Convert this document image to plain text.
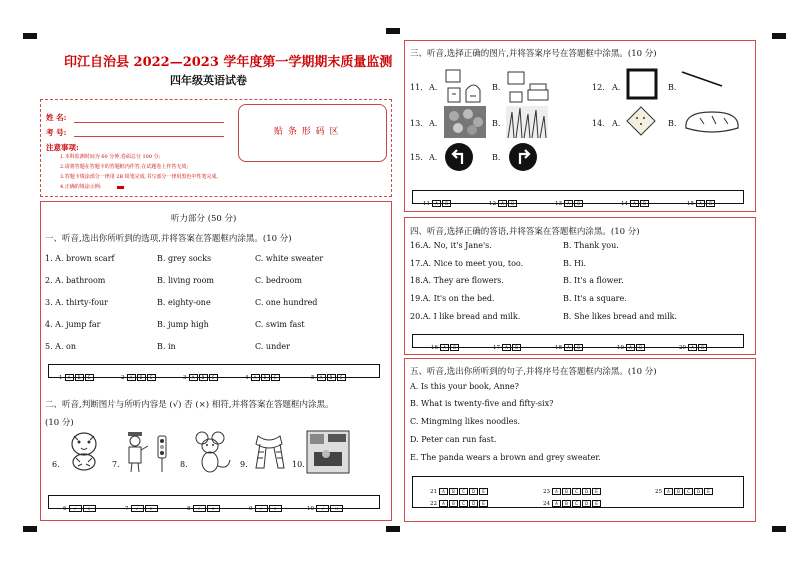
印江自治县 2022—2023 学年度第一学期期末质量监测
四年级英语试卷
姓 名:
考 号:	贴 条 形 码 区
注意事项:
1.本科监测时间为 60 分钟,卷面总分 100 分;
2.请将答题在答题卡的答题框内作答,在试题卷上作答无效;
3.答题卡填涂部分一律用 2B 铅笔完成,书写部分一律用黑色中性笔完成。
4.正确的填涂示例:
听力部分 (50 分)
一、听音,选出你所听到的选项,并将答案在答题框内涂黑。(10 分)
1. A. brown scarf	B. grey socks	C. white sweater
2. A. bathroom	B. living room	C. bedroom
3. A. thirty-four	B. eighty-one	C. one hundred
4. A. jump far	B. jump high	C. swim fast
5. A. on	B. in	C. under
1 A B C	2 A B C	3 A B C	4 A B C	5 A B C
二、听音,判断图片与所听内容是 (√) 否 (×) 相符,并将答案在答题框内涂黑。
(10 分)
6.	7.	8.	9.	10.
6 √	×	7 √	×	8 √	×	9 √	×	10 √	×
三、听音,选择正确的图片,并将答案序号在答题框中涂黑。(10 分)
11. A.	B.	12. A.	B.
13. A.	B.	14. A.	B.
15. A.	B.
11 A B	12 A B	13 A B	14 A B	15 A B
四、听音,选择正确的答语,并将答案在答题框内涂黑。(10 分)
16.A. No, it's Jane's.	B. Thank you.
17.A. Nice to meet you, too.	B. Hi.
18.A. They are flowers.	B. It's a flower.
19.A. It's on the bed.	B. It's a square.
20.A. I like bread and milk.	B. She likes bread and milk.
16 A B	17 A B	18 A B	19 A B	20 A B
五、听音,选出你所听到的句子,并将序号在答题框内涂黑。(10 分)
A. Is this your book, Anne?
B. What is twenty-five and fifty-six?
C. Mingming likes noodles.
D. Peter can run fast.
E. The panda wears a brown and grey sweater.
21 A B C D E
22 A B C D E
23 A B C D E
24 A B C D E
25 A B C D E
